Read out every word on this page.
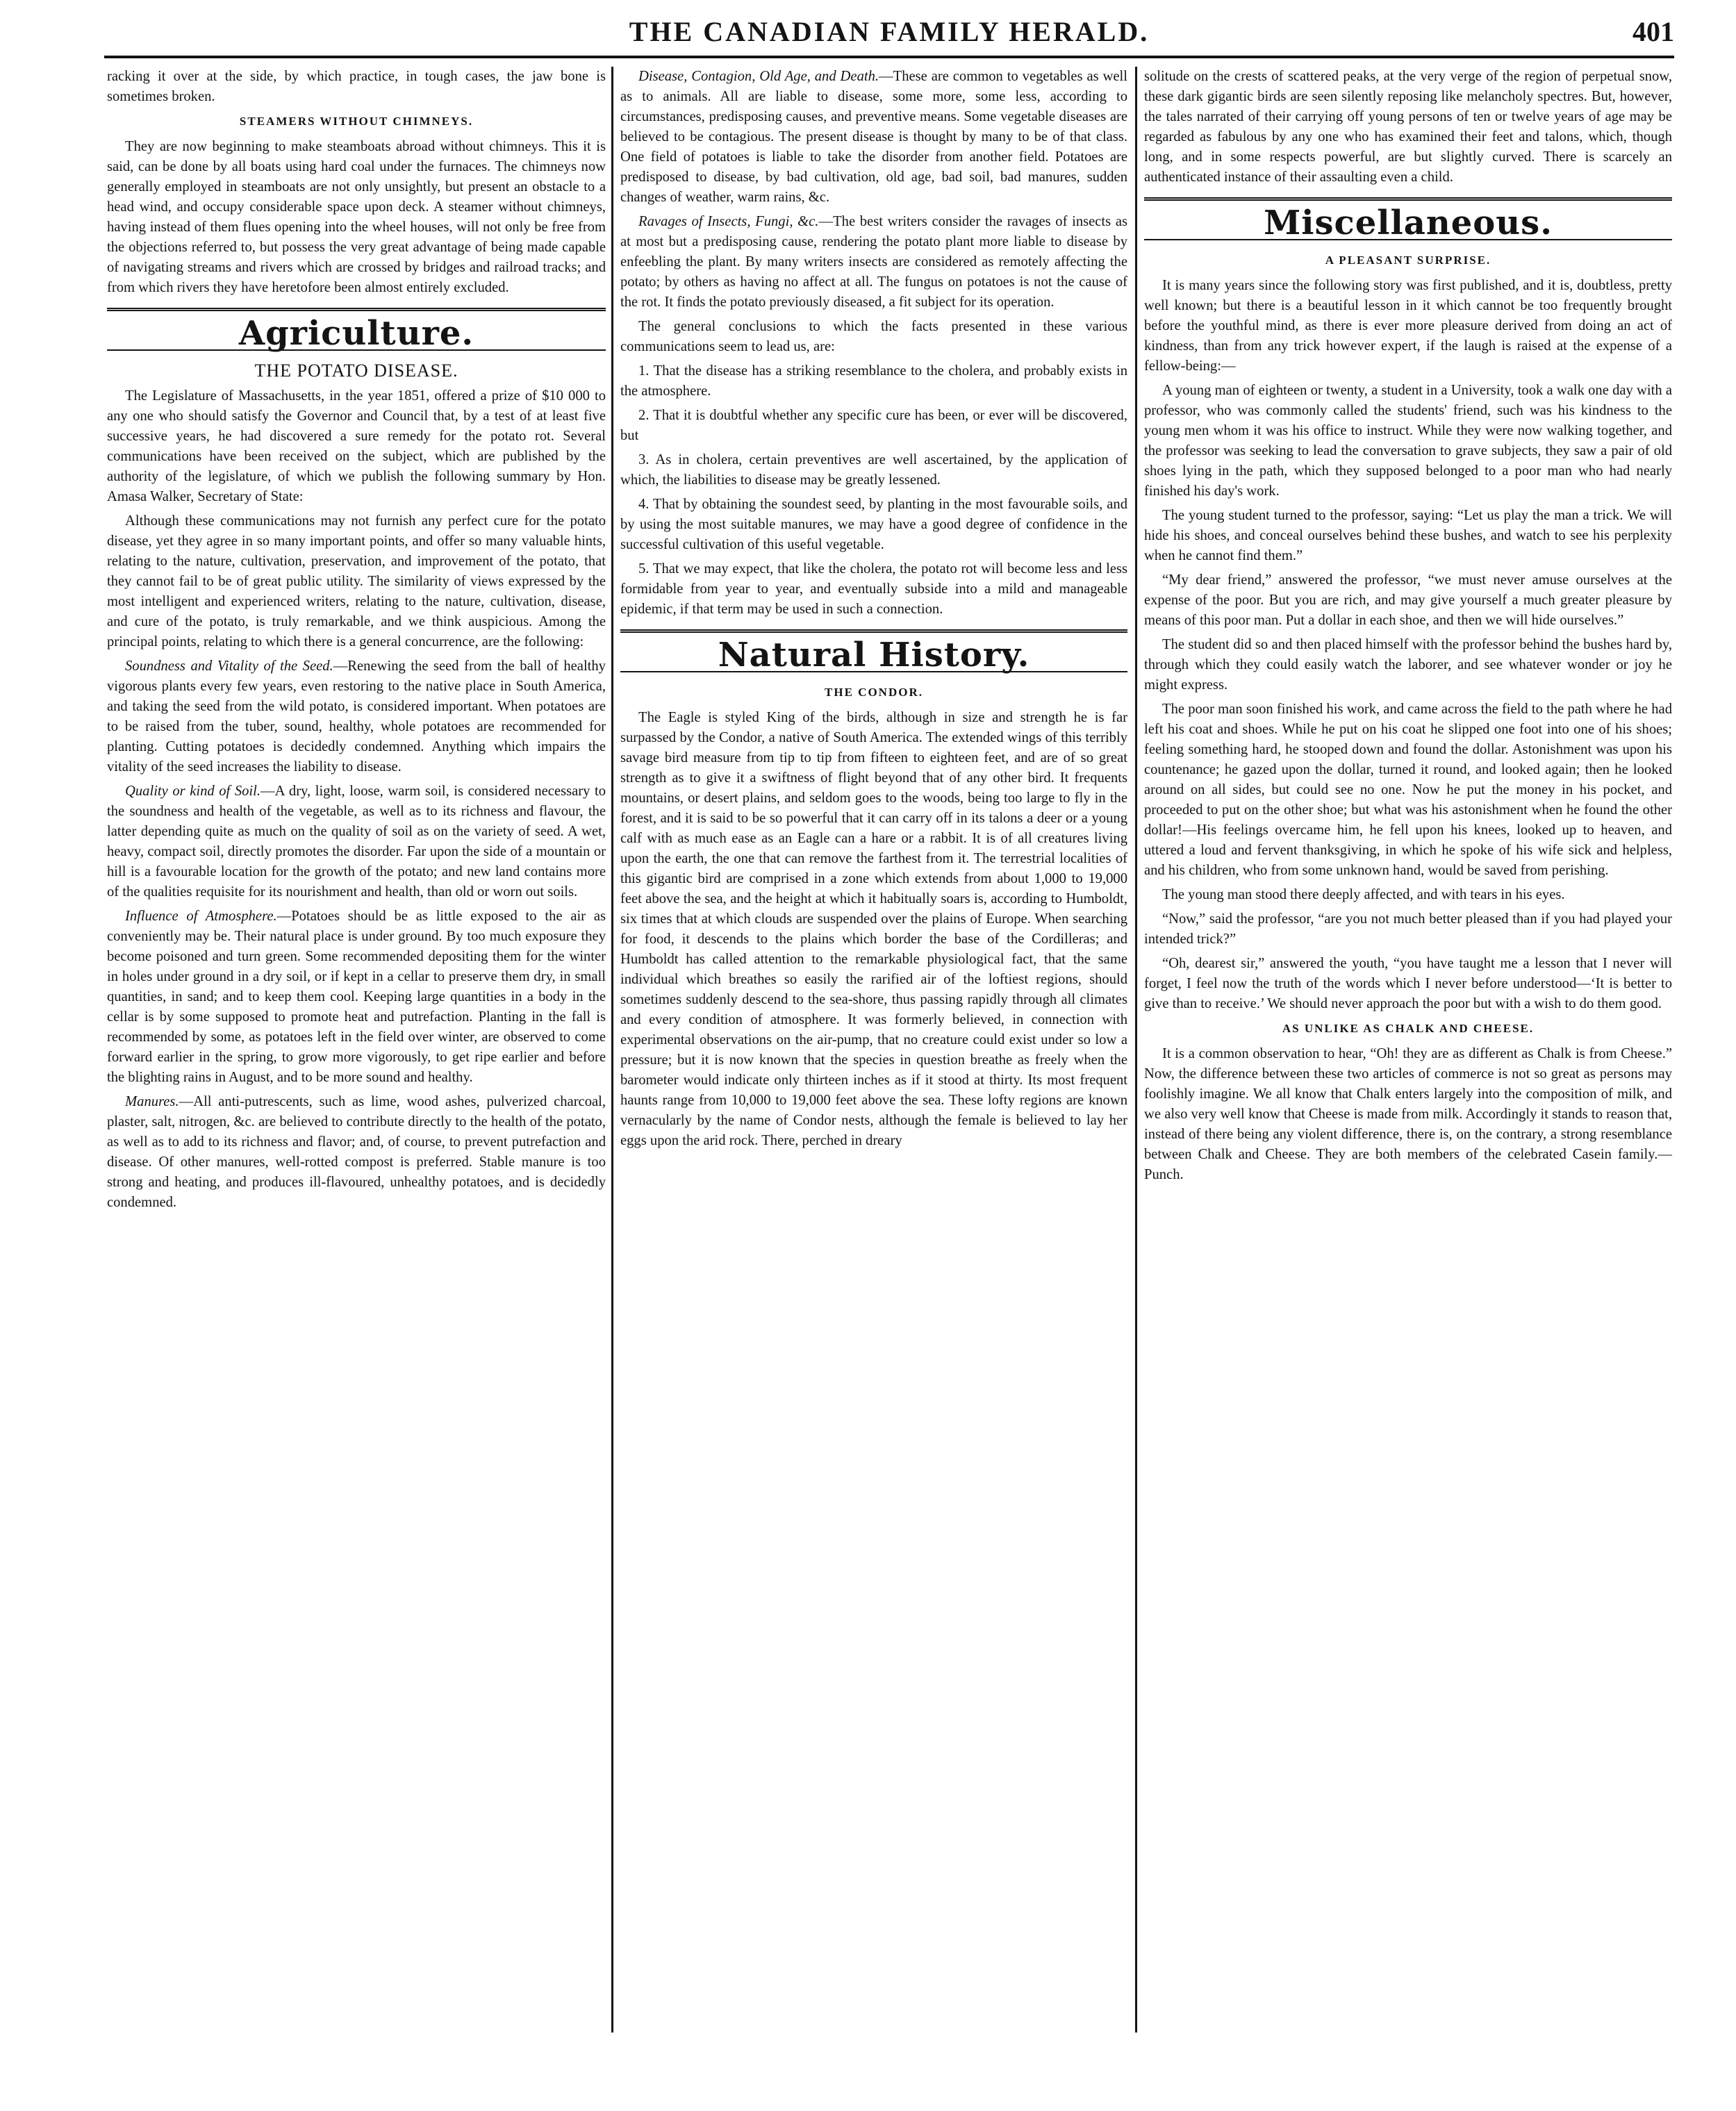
THE CANADIAN FAMILY HERALD.	401

racking it over at the side, by which practice, in tough cases, the jaw bone is sometimes broken.

STEAMERS WITHOUT CHIMNEYS.

They are now beginning to make steamboats abroad without chimneys. This it is said, can be done by all boats using hard coal under the furnaces. The chimneys now generally employed in steamboats are not only unsightly, but present an obstacle to a head wind, and occupy considerable space upon deck. A steamer without chimneys, having instead of them flues opening into the wheel houses, will not only be free from the objections referred to, but possess the very great advantage of being made capable of navigating streams and rivers which are crossed by bridges and railroad tracks; and from which rivers they have heretofore been almost entirely excluded.

Agriculture.
THE POTATO DISEASE.

The Legislature of Massachusetts, in the year 1851, offered a prize of $10 000 to any one who should satisfy the Governor and Council that, by a test of at least five successive years, he had discovered a sure remedy for the potato rot. Several communications have been received on the subject, which are published by the authority of the legislature, of which we publish the following summary by Hon. Amasa Walker, Secretary of State:

Although these communications may not furnish any perfect cure for the potato disease, yet they agree in so many important points, and offer so many valuable hints, relating to the nature, cultivation, preservation, and improvement of the potato, that they cannot fail to be of great public utility. The similarity of views expressed by the most intelligent and experienced writers, relating to the nature, cultivation, disease, and cure of the potato, is truly remarkable, and we think auspicious. Among the principal points, relating to which there is a general concurrence, are the following:

Soundness and Vitality of the Seed.—Renewing the seed from the ball of healthy vigorous plants every few years, even restoring to the native place in South America, and taking the seed from the wild potato, is considered important. When potatoes are to be raised from the tuber, sound, healthy, whole potatoes are recommended for planting. Cutting potatoes is decidedly condemned. Anything which impairs the vitality of the seed increases the liability to disease.

Quality or kind of Soil.—A dry, light, loose, warm soil, is considered necessary to the soundness and health of the vegetable, as well as to its richness and flavour, the latter depending quite as much on the quality of soil as on the variety of seed. A wet, heavy, compact soil, directly promotes the disorder. Far upon the side of a mountain or hill is a favourable location for the growth of the potato; and new land contains more of the qualities requisite for its nourishment and health, than old or worn out soils.

Influence of Atmosphere.—Potatoes should be as little exposed to the air as conveniently may be. Their natural place is under ground. By too much exposure they become poisoned and turn green. Some recommended depositing them for the winter in holes under ground in a dry soil, or if kept in a cellar to preserve them dry, in small quantities, in sand; and to keep them cool. Keeping large quantities in a body in the cellar is by some supposed to promote heat and putrefaction. Planting in the fall is recommended by some, as potatoes left in the field over winter, are observed to come forward earlier in the spring, to grow more vigorously, to get ripe earlier and before the blighting rains in August, and to be more sound and healthy.

Manures.—All anti-putrescents, such as lime, wood ashes, pulverized charcoal, plaster, salt, nitrogen, &c. are believed to contribute directly to the health of the potato, as well as to add to its richness and flavor; and, of course, to prevent putrefaction and disease. Of other manures, well-rotted compost is preferred. Stable manure is too strong and heating, and produces ill-flavoured, unhealthy potatoes, and is decidedly condemned.

Disease, Contagion, Old Age, and Death.—These are common to vegetables as well as to animals. All are liable to disease, some more, some less, according to circumstances, predisposing causes, and preventive means. Some vegetable diseases are believed to be contagious. The present disease is thought by many to be of that class. One field of potatoes is liable to take the disorder from another field. Potatoes are predisposed to disease, by bad cultivation, old age, bad soil, bad manures, sudden changes of weather, warm rains, &c.

Ravages of Insects, Fungi, &c.—The best writers consider the ravages of insects as at most but a predisposing cause, rendering the potato plant more liable to disease by enfeebling the plant. By many writers insects are considered as remotely affecting the potato; by others as having no affect at all. The fungus on potatoes is not the cause of the rot. It finds the potato previously diseased, a fit subject for its operation.

The general conclusions to which the facts presented in these various communications seem to lead us, are:

1. That the disease has a striking resemblance to the cholera, and probably exists in the atmosphere.

2. That it is doubtful whether any specific cure has been, or ever will be discovered, but

3. As in cholera, certain preventives are well ascertained, by the application of which, the liabilities to disease may be greatly lessened.

4. That by obtaining the soundest seed, by planting in the most favourable soils, and by using the most suitable manures, we may have a good degree of confidence in the successful cultivation of this useful vegetable.

5. That we may expect, that like the cholera, the potato rot will become less and less formidable from year to year, and eventually subside into a mild and manageable epidemic, if that term may be used in such a connection.

Natural History.
THE CONDOR.

The Eagle is styled King of the birds, although in size and strength he is far surpassed by the Condor, a native of South America. The extended wings of this terribly savage bird measure from tip to tip from fifteen to eighteen feet, and are of so great strength as to give it a swiftness of flight beyond that of any other bird. It frequents mountains, or desert plains, and seldom goes to the woods, being too large to fly in the forest, and it is said to be so powerful that it can carry off in its talons a deer or a young calf with as much ease as an Eagle can a hare or a rabbit. It is of all creatures living upon the earth, the one that can remove the farthest from it. The terrestrial localities of this gigantic bird are comprised in a zone which extends from about 1,000 to 19,000 feet above the sea, and the height at which it habitually soars is, according to Humboldt, six times that at which clouds are suspended over the plains of Europe. When searching for food, it descends to the plains which border the base of the Cordilleras; and Humboldt has called attention to the remarkable physiological fact, that the same individual which breathes so easily the rarified air of the loftiest regions, should sometimes suddenly descend to the sea-shore, thus passing rapidly through all climates and every condition of atmosphere. It was formerly believed, in connection with experimental observations on the air-pump, that no creature could exist under so low a pressure; but it is now known that the species in question breathe as freely when the barometer would indicate only thirteen inches as if it stood at thirty. Its most frequent haunts range from 10,000 to 19,000 feet above the sea. These lofty regions are known vernacularly by the name of Condor nests, although the female is believed to lay her eggs upon the arid rock. There, perched in dreary

solitude on the crests of scattered peaks, at the very verge of the region of perpetual snow, these dark gigantic birds are seen silently reposing like melancholy spectres. But, however, the tales narrated of their carrying off young persons of ten or twelve years of age may be regarded as fabulous by any one who has examined their feet and talons, which, though long, and in some respects powerful, are but slightly curved. There is scarcely an authenticated instance of their assaulting even a child.

Miscellaneous.
A PLEASANT SURPRISE.

It is many years since the following story was first published, and it is, doubtless, pretty well known; but there is a beautiful lesson in it which cannot be too frequently brought before the youthful mind, as there is ever more pleasure derived from doing an act of kindness, than from any trick however expert, if the laugh is raised at the expense of a fellow-being:—

A young man of eighteen or twenty, a student in a University, took a walk one day with a professor, who was commonly called the students' friend, such was his kindness to the young men whom it was his office to instruct. While they were now walking together, and the professor was seeking to lead the conversation to grave subjects, they saw a pair of old shoes lying in the path, which they supposed belonged to a poor man who had nearly finished his day's work.

The young student turned to the professor, saying: “Let us play the man a trick. We will hide his shoes, and conceal ourselves behind these bushes, and watch to see his perplexity when he cannot find them.”

“My dear friend,” answered the professor, “we must never amuse ourselves at the expense of the poor. But you are rich, and may give yourself a much greater pleasure by means of this poor man. Put a dollar in each shoe, and then we will hide ourselves.”

The student did so and then placed himself with the professor behind the bushes hard by, through which they could easily watch the laborer, and see whatever wonder or joy he might express.

The poor man soon finished his work, and came across the field to the path where he had left his coat and shoes. While he put on his coat he slipped one foot into one of his shoes; feeling something hard, he stooped down and found the dollar. Astonishment was upon his countenance; he gazed upon the dollar, turned it round, and looked again; then he looked around on all sides, but could see no one. Now he put the money in his pocket, and proceeded to put on the other shoe; but what was his astonishment when he found the other dollar!—His feelings overcame him, he fell upon his knees, looked up to heaven, and uttered a loud and fervent thanksgiving, in which he spoke of his wife sick and helpless, and his children, who from some unknown hand, would be saved from perishing.

The young man stood there deeply affected, and with tears in his eyes.

“Now,” said the professor, “are you not much better pleased than if you had played your intended trick?”

“Oh, dearest sir,” answered the youth, “you have taught me a lesson that I never will forget, I feel now the truth of the words which I never before understood—‘It is better to give than to receive.’ We should never approach the poor but with a wish to do them good.

AS UNLIKE AS CHALK AND CHEESE.

It is a common observation to hear, “Oh! they are as different as Chalk is from Cheese.” Now, the difference between these two articles of commerce is not so great as persons may foolishly imagine. We all know that Chalk enters largely into the composition of milk, and we also very well know that Cheese is made from milk. Accordingly it stands to reason that, instead of there being any violent difference, there is, on the contrary, a strong resemblance between Chalk and Cheese. They are both members of the celebrated Casein family.—Punch.
